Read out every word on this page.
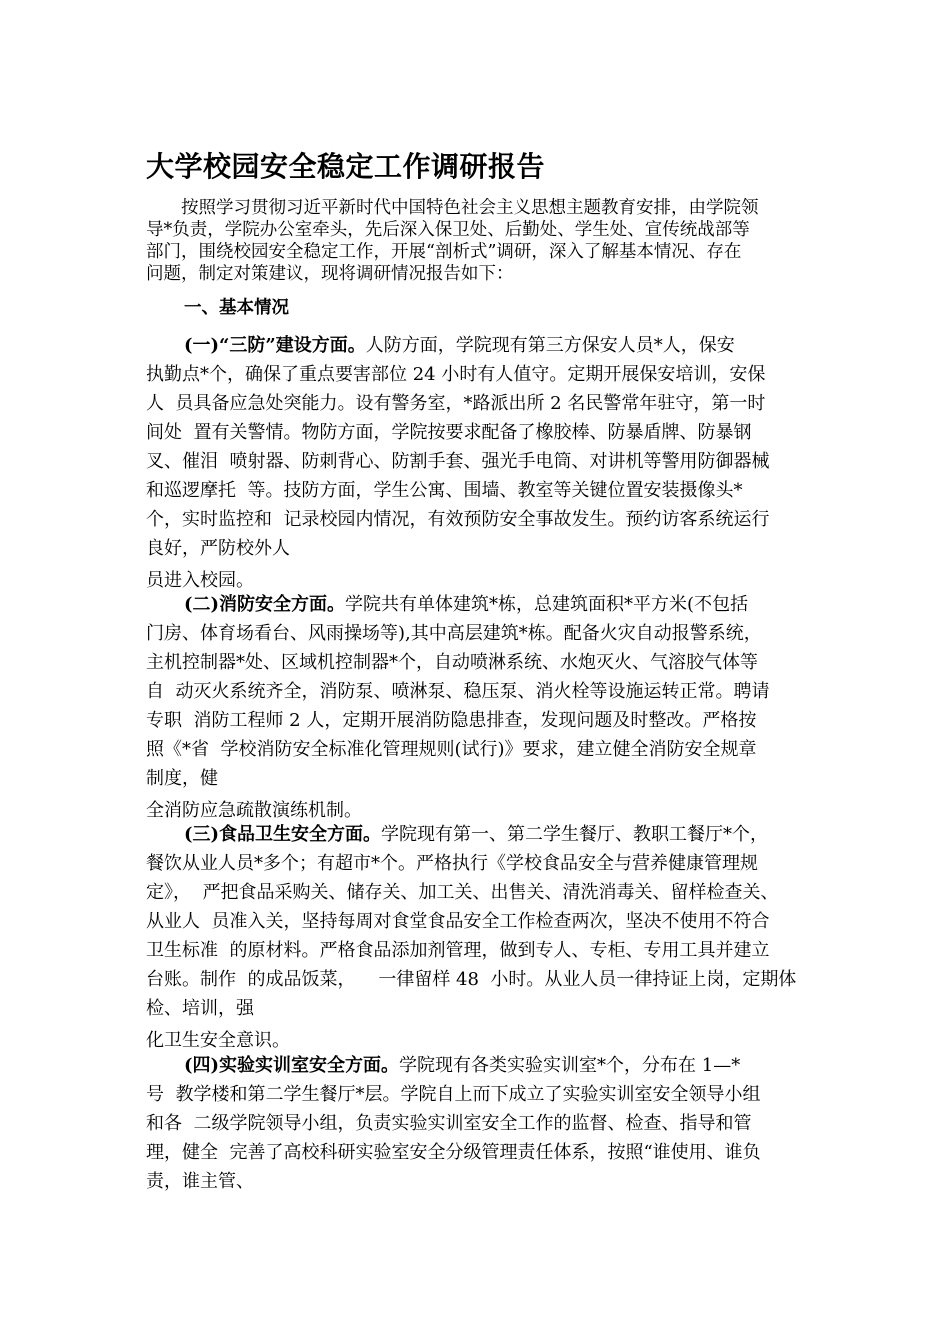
大学校园安全稳定工作调研报告
　　按照学习贯彻习近平新时代中国特色社会主义思想主题教育安排，由学院领
导*负责，学院办公室牵头，先后深入保卫处、后勤处、学生处、宣传统战部等
部门，围绕校园安全稳定工作，开展“剖析式”调研，深入了解基本情况、存在
问题，制定对策建议，现将调研情况报告如下：
一、基本情况
(一)“三防”建设方面。人防方面，学院现有第三方保安人员*人，保安
执勤点*个，确保了重点要害部位 24 小时有人值守。定期开展保安培训，安保
人  员具备应急处突能力。设有警务室，*路派出所 2 名民警常年驻守，第一时
间处  置有关警情。物防方面，学院按要求配备了橡胶棒、防暴盾牌、防暴钢
叉、催泪  喷射器、防刺背心、防割手套、强光手电筒、对讲机等警用防御器械
和巡逻摩托  等。技防方面，学生公寓、围墙、教室等关键位置安装摄像头*
个，实时监控和  记录校园内情况，有效预防安全事故发生。预约访客系统运行
良好，严防校外人
员进入校园。
(二)消防安全方面。学院共有单体建筑*栋，总建筑面积*平方米(不包括
门房、体育场看台、风雨操场等),其中高层建筑*栋。配备火灾自动报警系统，
主机控制器*处、区域机控制器*个，自动喷淋系统、水炮灭火、气溶胶气体等
自  动灭火系统齐全，消防泵、喷淋泵、稳压泵、消火栓等设施运转正常。聘请
专职  消防工程师 2 人，定期开展消防隐患排查，发现问题及时整改。严格按
照《*省  学校消防安全标准化管理规则(试行)》要求，建立健全消防安全规章
制度，健
全消防应急疏散演练机制。
(三)食品卫生安全方面。学院现有第一、第二学生餐厅、教职工餐厅*个，
餐饮从业人员*多个；有超市*个。严格执行《学校食品安全与营养健康管理规
定》，  严把食品采购关、储存关、加工关、出售关、清洗消毒关、留样检查关、
从业人  员准入关，坚持每周对食堂食品安全工作检查两次，坚决不使用不符合
卫生标准  的原材料。严格食品添加剂管理，做到专人、专柜、专用工具并建立
台账。制作  的成品饭菜，    一律留样 48  小时。从业人员一律持证上岗，定期体
检、培训，强
化卫生安全意识。
(四)实验实训室安全方面。学院现有各类实验实训室*个，分布在 1—*
号  教学楼和第二学生餐厅*层。学院自上而下成立了实验实训室安全领导小组
和各  二级学院领导小组，负责实验实训室安全工作的监督、检查、指导和管
理，健全  完善了高校科研实验室安全分级管理责任体系，按照“谁使用、谁负
责，谁主管、
